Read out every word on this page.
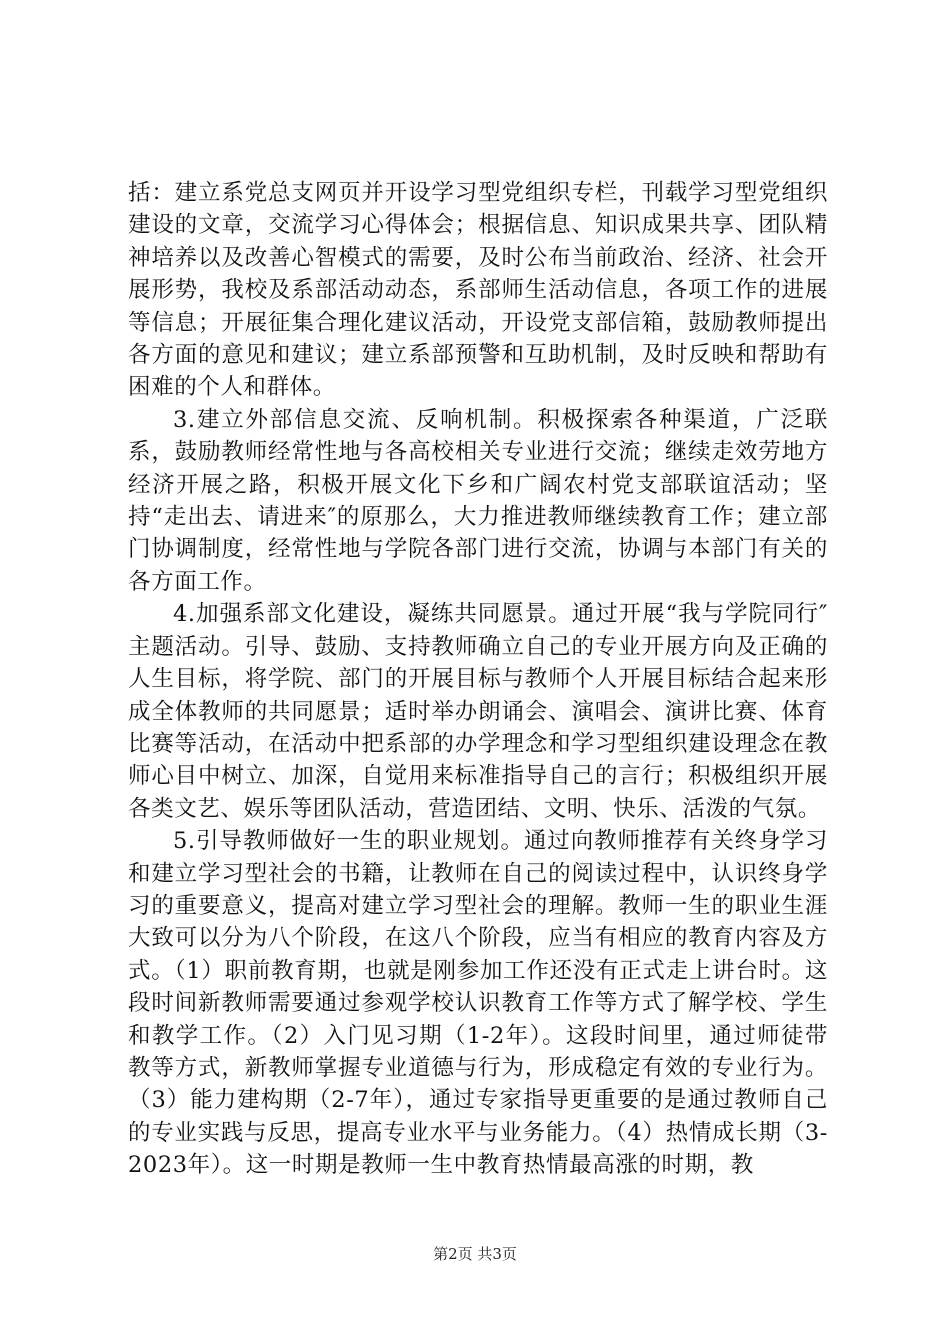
括：建立系党总支网页并开设学习型党组织专栏，刊载学习型党组织建设的文章，交流学习心得体会；根据信息、知识成果共享、团队精神培养以及改善心智模式的需要，及时公布当前政治、经济、社会开展形势，我校及系部活动动态，系部师生活动信息，各项工作的进展等信息；开展征集合理化建议活动，开设党支部信箱，鼓励教师提出各方面的意见和建议；建立系部预警和互助机制，及时反映和帮助有困难的个人和群体。

3.建立外部信息交流、反响机制。积极探索各种渠道，广泛联系，鼓励教师经常性地与各高校相关专业进行交流；继续走效劳地方经济开展之路，积极开展文化下乡和广阔农村党支部联谊活动；坚持“走出去、请进来″的原那么，大力推进教师继续教育工作；建立部门协调制度，经常性地与学院各部门进行交流，协调与本部门有关的各方面工作。

4.加强系部文化建设，凝练共同愿景。通过开展“我与学院同行″主题活动。引导、鼓励、支持教师确立自己的专业开展方向及正确的人生目标，将学院、部门的开展目标与教师个人开展目标结合起来形成全体教师的共同愿景；适时举办朗诵会、演唱会、演讲比赛、体育比赛等活动，在活动中把系部的办学理念和学习型组织建设理念在教师心目中树立、加深，自觉用来标准指导自己的言行；积极组织开展各类文艺、娱乐等团队活动，营造团结、文明、快乐、活泼的气氛。

5.引导教师做好一生的职业规划。通过向教师推荐有关终身学习和建立学习型社会的书籍，让教师在自己的阅读过程中，认识终身学习的重要意义，提高对建立学习型社会的理解。教师一生的职业生涯大致可以分为八个阶段，在这八个阶段，应当有相应的教育内容及方式。（1）职前教育期，也就是刚参加工作还没有正式走上讲台时。这段时间新教师需要通过参观学校认识教育工作等方式了解学校、学生和教学工作。（2）入门见习期（1-2年）。这段时间里，通过师徒带教等方式，新教师掌握专业道德与行为，形成稳定有效的专业行为。（3）能力建构期（2-7年），通过专家指导更重要的是通过教师自己的专业实践与反思，提高专业水平与业务能力。（4）热情成长期（3-2023年）。这一时期是教师一生中教育热情最高涨的时期，教

第2页 共3页
